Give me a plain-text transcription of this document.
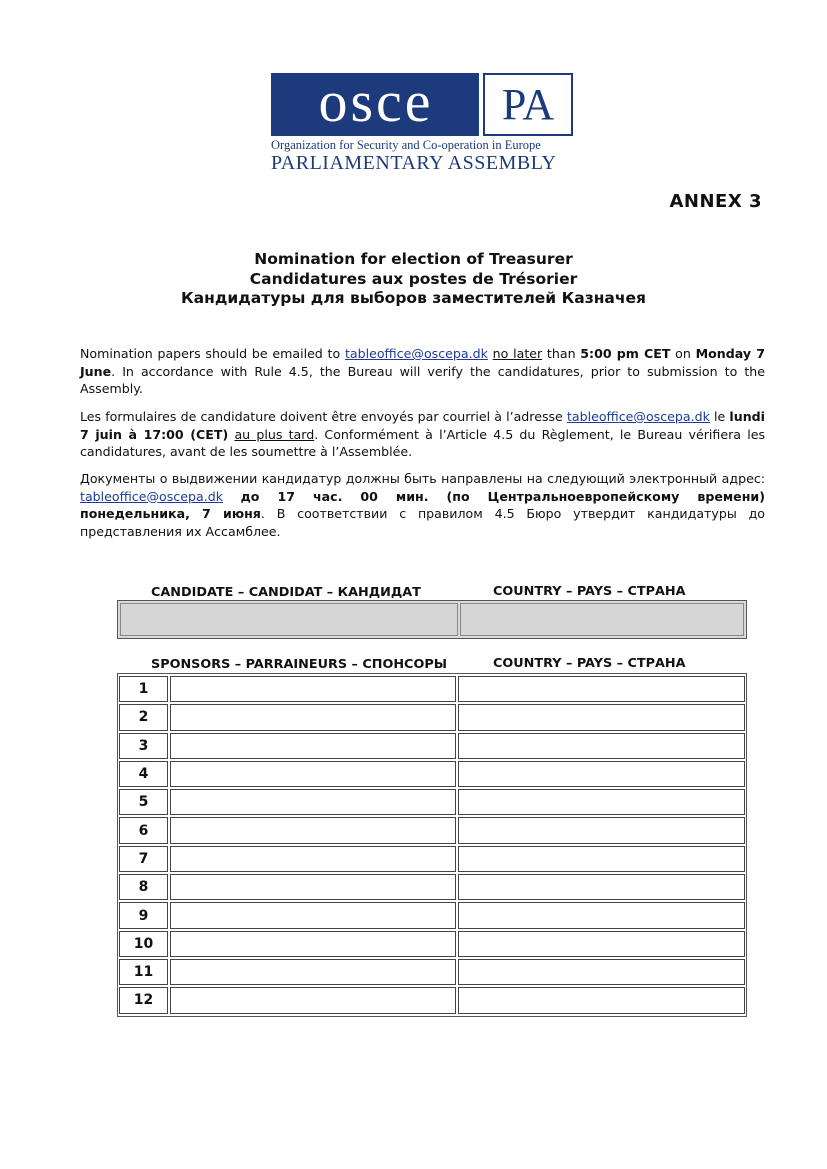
o s c e	PA
Organization for Security and Co-operation in Europe
PARLIAMENTARY ASSEMBLY
ANNEX 3
Nomination for election of Treasurer
Candidatures aux postes de Trésorier
Кандидатуры для выборов заместителей Казначея
Nomination papers should be emailed to tableoffice@oscepa.dk no later than 5:00 pm CET on Monday 7 June. In accordance with Rule 4.5, the Bureau will verify the candidatures, prior to submission to the Assembly.
Les formulaires de candidature doivent être envoyés par courriel à l’adresse tableoffice@oscepa.dk le lundi 7 juin à 17:00 (CET) au plus tard. Conformément à l’Article 4.5 du Règlement, le Bureau vérifiera les candidatures, avant de les soumettre à l’Assemblée.
Документы о выдвижении кандидатур должны быть направлены на следующий электронный адрес: tableoffice@oscepa.dk до 17 час. 00 мин. (по Центральноевропейскому времени) понедельника, 7 июня. В соответствии с правилом 4.5 Бюро утвердит кандидатуры до представления их Ассамблее.
CANDIDATE – CANDIDAT – КАНДИДАТ	COUNTRY – PAYS – СТРАНА
SPONSORS – PARRAINEURS – СПОНСОРЫ	COUNTRY – PAYS – СТРАНА
1
2
3
4
5
6
7
8
9
10
11
12
